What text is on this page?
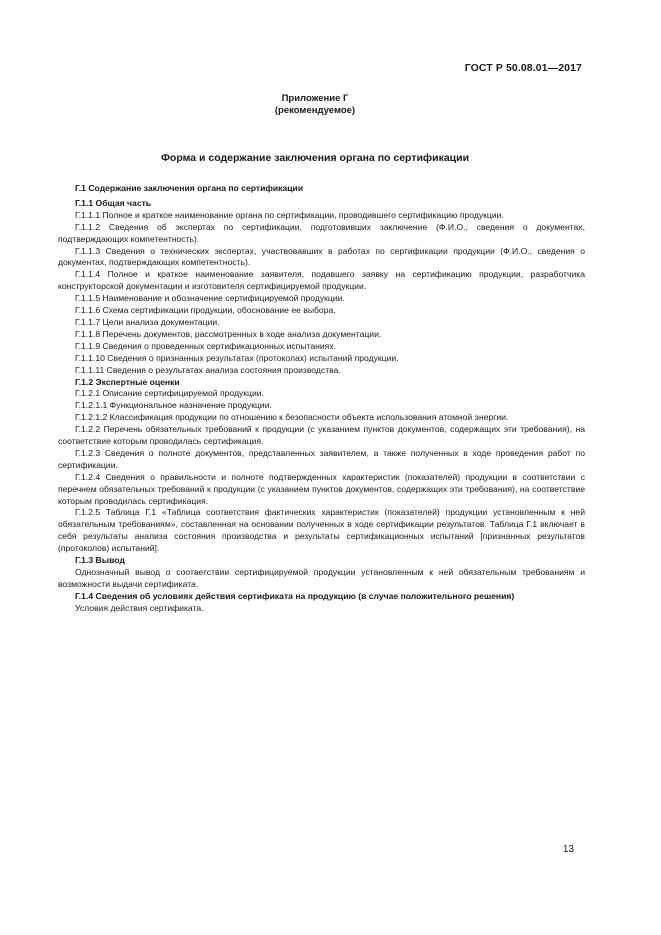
ГОСТ Р 50.08.01—2017
Приложение Г
(рекомендуемое)
Форма и содержание заключения органа по сертификации

Г.1 Содержание заключения органа по сертификации

Г.1.1 Общая часть

Г.1.1.1 Полное и краткое наименование органа по сертификации, проводившего сертификацию продукции.

Г.1.1.2 Сведения об экспертах по сертификации, подготовивших заключение (Ф.И.О., сведения о документах, подтверждающих компетентность).

Г.1.1.3 Сведения о технических экспертах, участвовавших в работах по сертификации продукции (Ф.И.О., сведения о документах, подтверждающих компетентность).

Г.1.1.4 Полное и краткое наименование заявителя, подавшего заявку на сертификацию продукции, разработчика конструкторской документации и изготовителя сертифицируемой продукции.

Г.1.1.5 Наименование и обозначение сертифицируемой продукции.

Г.1.1.6 Схема сертификации продукции, обоснование ее выбора.

Г.1.1.7 Цели анализа документации.

Г.1.1.8 Перечень документов, рассмотренных в ходе анализа документации.

Г.1.1.9 Сведения о проведенных сертификационных испытаниях.

Г.1.1.10 Сведения о признанных результатах (протоколах) испытаний продукции.

Г.1.1.11 Сведения о результатах анализа состояния производства.

Г.1.2 Экспертные оценки

Г.1.2.1 Описание сертифицируемой продукции.

Г.1.2.1.1 Функциональное назначение продукции.

Г.1.2.1.2 Классификация продукции по отношению к безопасности объекта использования атомной энергии.

Г.1.2.2 Перечень обязательных требований к продукции (с указанием пунктов документов, содержащих эти требования), на соответствие которым проводилась сертификация.

Г.1.2.3 Сведения о полноте документов, представленных заявителем, а также полученных в ходе проведения работ по сертификации.

Г.1.2.4 Сведения о правильности и полноте подтвержденных характеристик (показателей) продукции в соответствии с перечнем обязательных требований к продукции (с указанием пунктов документов, содержащих эти требования), на соответствие которым проводилась сертификация.

Г.1.2.5 Таблица Г.1 «Таблица соответствия фактических характеристик (показателей) продукции установленным к ней обязательным требованиям», составленная на основании полученных в ходе сертификации результатов. Таблица Г.1 включает в себя результаты анализа состояния производства и результаты сертификационных испытаний [признанных результатов (протоколов) испытаний].

Г.1.3 Вывод

Однозначный вывод о соответствии сертифицируемой продукции установленным к ней обязательным требованиям и возможности выдачи сертификата.

Г.1.4 Сведения об условиях действия сертификата на продукцию (в случае положительного решения)

Условия действия сертификата.

13
